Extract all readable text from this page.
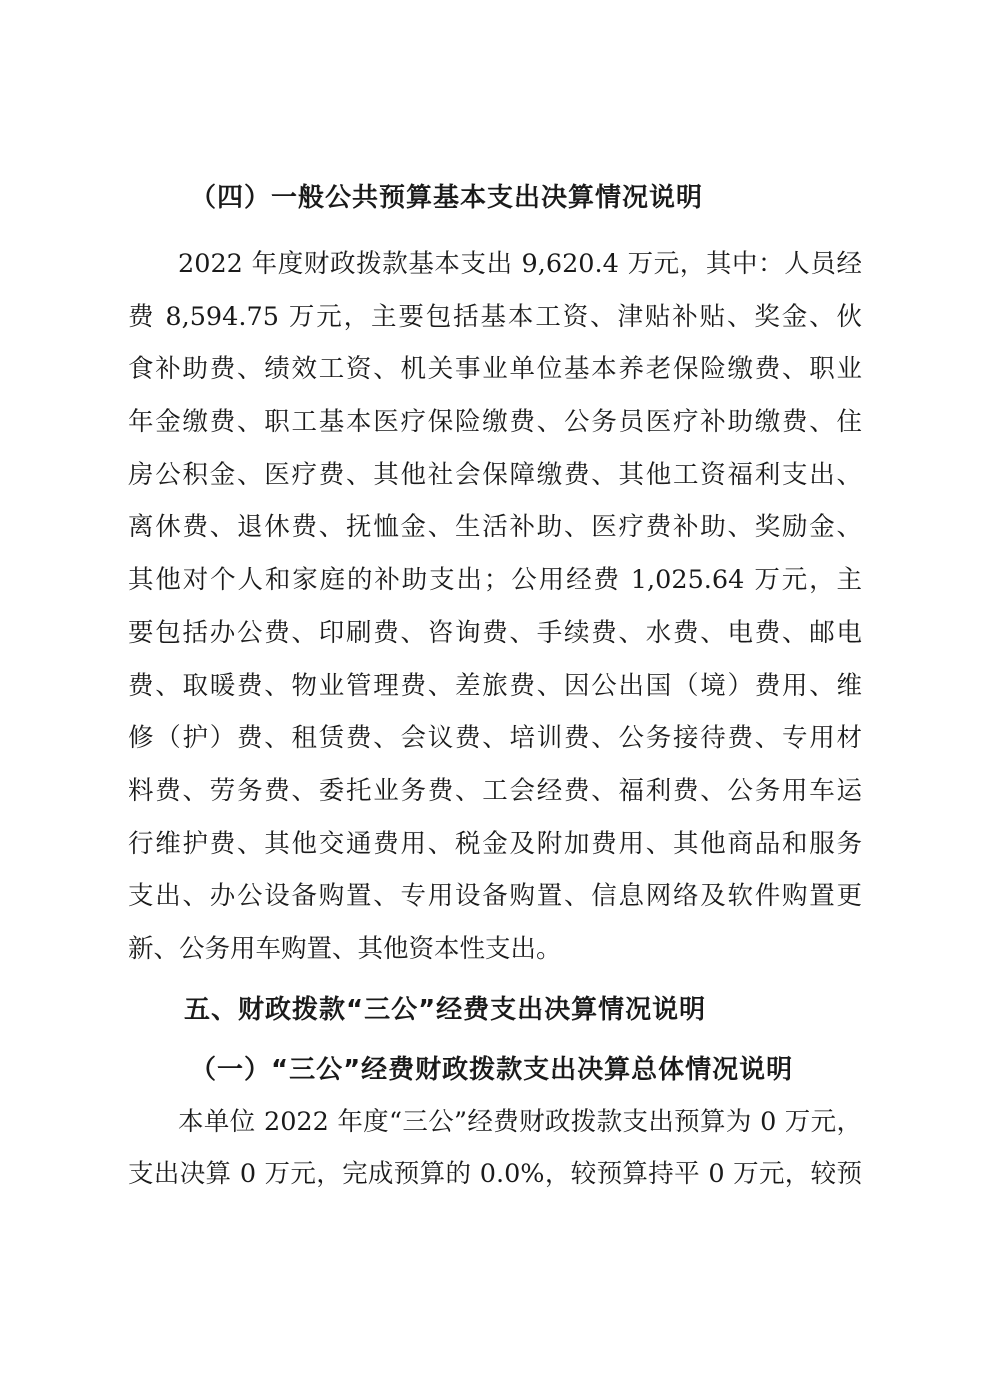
（四）一般公共预算基本支出决算情况说明
2022 年度财政拨款基本支出 9,620.4 万元，其中：人员经
费 8,594.75 万元，主要包括基本工资、津贴补贴、奖金、伙
食补助费、绩效工资、机关事业单位基本养老保险缴费、职业
年金缴费、职工基本医疗保险缴费、公务员医疗补助缴费、住
房公积金、医疗费、其他社会保障缴费、其他工资福利支出、
离休费、退休费、抚恤金、生活补助、医疗费补助、奖励金、
其他对个人和家庭的补助支出；公用经费 1,025.64 万元，主
要包括办公费、印刷费、咨询费、手续费、水费、电费、邮电
费、取暖费、物业管理费、差旅费、因公出国（境）费用、维
修（护）费、租赁费、会议费、培训费、公务接待费、专用材
料费、劳务费、委托业务费、工会经费、福利费、公务用车运
行维护费、其他交通费用、税金及附加费用、其他商品和服务
支出、办公设备购置、专用设备购置、信息网络及软件购置更
新、公务用车购置、其他资本性支出。
五、财政拨款“三公”经费支出决算情况说明
（一）“三公”经费财政拨款支出决算总体情况说明
本单位 2022 年度“三公”经费财政拨款支出预算为 0 万元，
支出决算 0 万元，完成预算的 0.0%，较预算持平 0 万元，较预
